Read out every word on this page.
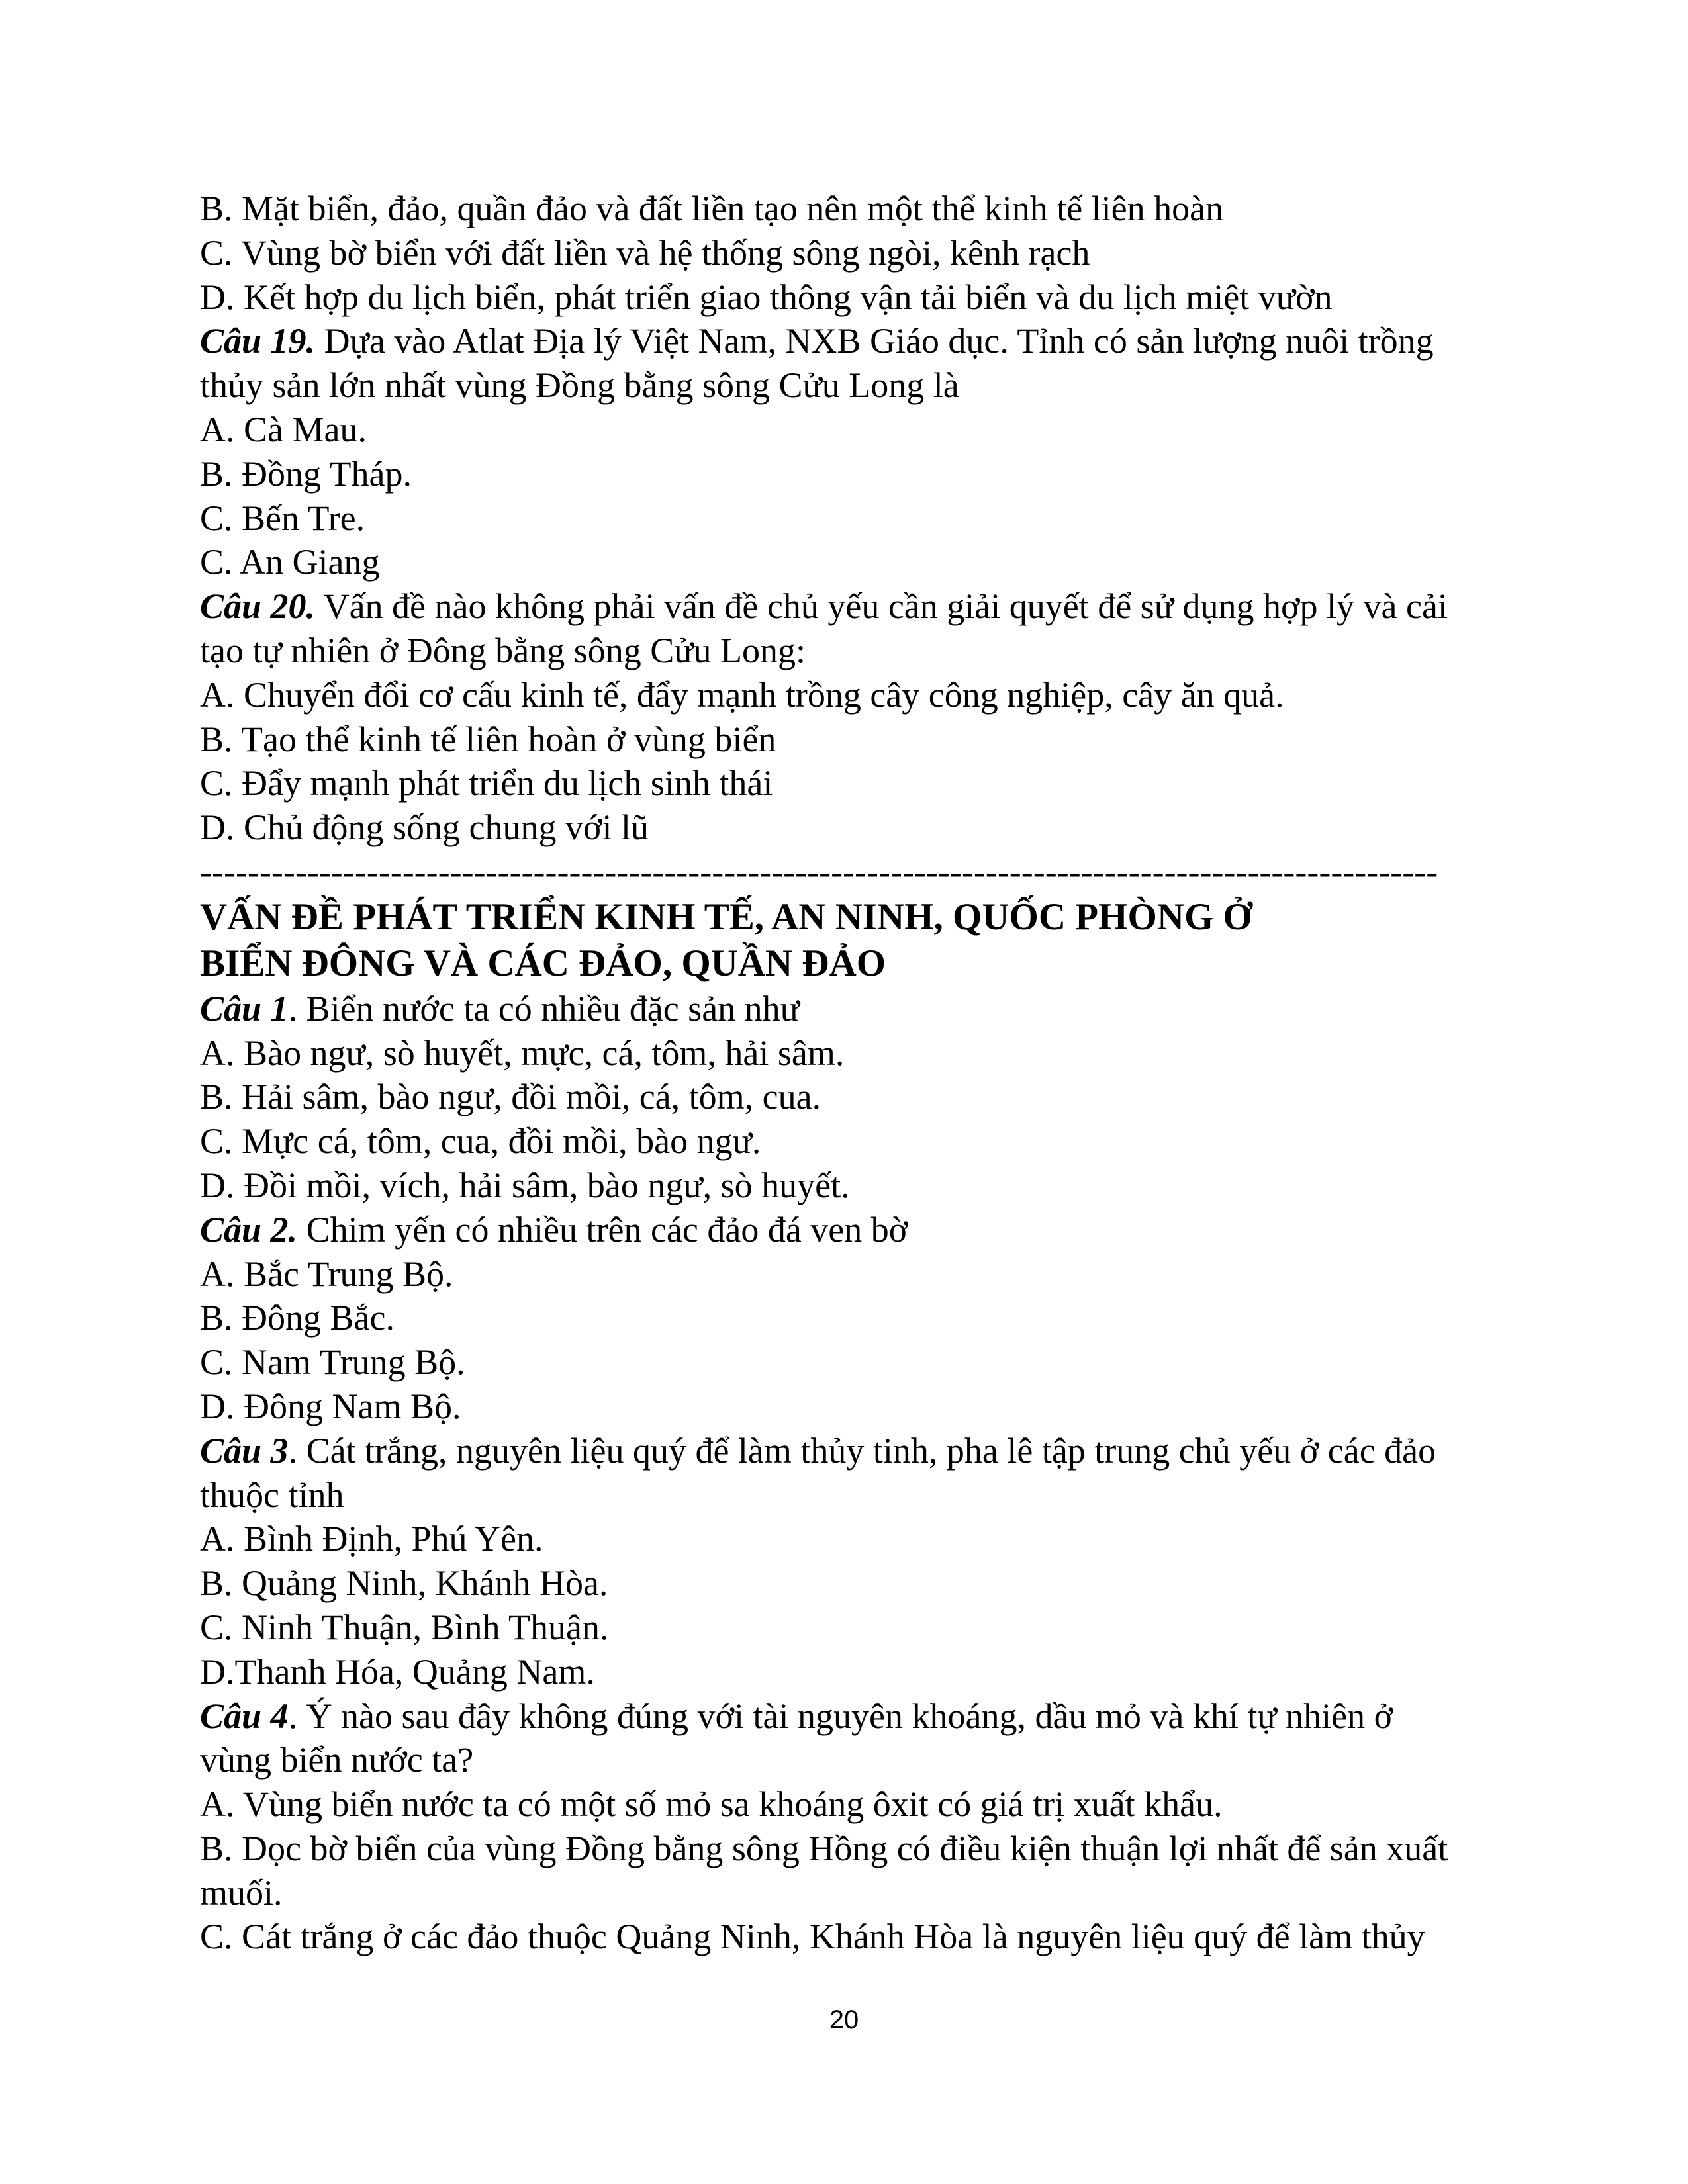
B. Mặt biển, đảo, quần đảo và đất liền tạo nên một thể kinh tế liên hoàn
C. Vùng bờ biển với đất liền và hệ thống sông ngòi, kênh rạch
D. Kết hợp du lịch biển, phát triển giao thông vận tải biển và du lịch miệt vườn
Câu 19. Dựa vào Atlat Địa lý Việt Nam, NXB Giáo dục. Tỉnh có sản lượng nuôi trồng
thủy sản lớn nhất vùng Đồng bằng sông Cửu Long là
A. Cà Mau.
B. Đồng Tháp.
C. Bến Tre.
C. An Giang
Câu 20. Vấn đề nào không phải vấn đề chủ yếu cần giải quyết để sử dụng hợp lý và cải
tạo tự nhiên ở Đông bằng sông Cửu Long:
A. Chuyển đổi cơ cấu kinh tế, đẩy mạnh trồng cây công nghiệp, cây ăn quả.
B. Tạo thể kinh tế liên hoàn ở vùng biển
C. Đẩy mạnh phát triển du lịch sinh thái
D. Chủ động sống chung với lũ
--------------------------------------------------------------------------------------------------------
VẤN ĐỀ PHÁT TRIỂN KINH TẾ, AN NINH, QUỐC PHÒNG Ở
BIỂN ĐÔNG VÀ CÁC ĐẢO, QUẦN ĐẢO
Câu 1. Biển nước ta có nhiều đặc sản như
A. Bào ngư, sò huyết, mực, cá, tôm, hải sâm.
B. Hải sâm, bào ngư, đồi mồi, cá, tôm, cua.
C. Mực cá, tôm, cua, đồi mồi, bào ngư.
D. Đồi mồi, vích, hải sâm, bào ngư, sò huyết.
Câu 2. Chim yến có nhiều trên các đảo đá ven bờ
A. Bắc Trung Bộ.
B. Đông Bắc.
C. Nam Trung Bộ.
D. Đông Nam Bộ.
Câu 3. Cát trắng, nguyên liệu quý để làm thủy tinh, pha lê tập trung chủ yếu ở các đảo
thuộc tỉnh
A. Bình Định, Phú Yên.
B. Quảng Ninh, Khánh Hòa.
C. Ninh Thuận, Bình Thuận.
D.Thanh Hóa, Quảng Nam.
Câu 4. Ý nào sau đây không đúng với tài nguyên khoáng, dầu mỏ và khí tự nhiên ở
vùng biển nước ta?
A. Vùng biển nước ta có một số mỏ sa khoáng ôxit có giá trị xuất khẩu.
B. Dọc bờ biển của vùng Đồng bằng sông Hồng có điều kiện thuận lợi nhất để sản xuất
muối.
C. Cát trắng ở các đảo thuộc Quảng Ninh, Khánh Hòa là nguyên liệu quý để làm thủy
20
